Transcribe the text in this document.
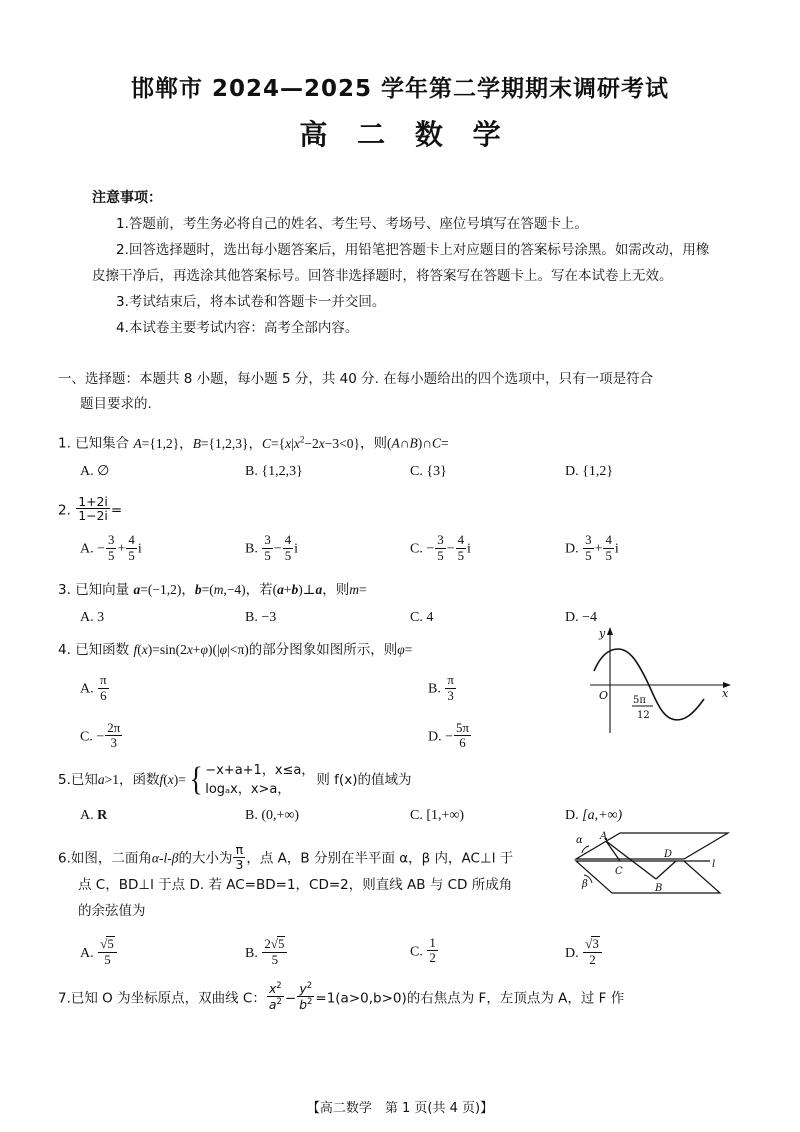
邯郸市 2024—2025 学年第二学期期末调研考试
高 二 数 学
注意事项：
1.答题前，考生务必将自己的姓名、考生号、考场号、座位号填写在答题卡上。
2.回答选择题时，选出每小题答案后，用铅笔把答题卡上对应题目的答案标号涂黑。如需改动，用橡皮擦干净后，再选涂其他答案标号。回答非选择题时，将答案写在答题卡上。写在本试卷上无效。
3.考试结束后，将本试卷和答题卡一并交回。
4.本试卷主要考试内容：高考全部内容。
一、选择题：本题共 8 小题，每小题 5 分，共 40 分. 在每小题给出的四个选项中，只有一项是符合
题目要求的.
1. 已知集合 A={1,2}，B={1,2,3}，$C=\{x|x^2-2x-3<0\}$，则(A∩B)∩C=
A. ∅	B. {1,2,3}	C. {3}	D. {1,2}
2. $\frac{1+2i}{1-2i}$ =
A. − $\frac{3}{5} + \frac{4}{5}$ i	B. $\frac{3}{5} - \frac{4}{5}$ i	C. − $\frac{3}{5} - \frac{4}{5}$ i	D. $\frac{3}{5} + \frac{4}{5}$ i
3. 已知向量 a=(−1,2)，b=(m,−4)，若(a+b)⊥a，则m=
A. 3	B. −3	C. 4	D. −4
4. 已知函数 f(x)=sin(2x+φ)(|φ|<π)的部分图象如图所示，则φ=
A. $\frac{\pi}{6}$	B. $\frac{\pi}{3}$
C. − $\frac{2\pi}{3}$	D. − $\frac{5\pi}{6}$
y
x
O 5π
12
5.已知a>1，函数f(x)= { −x+a+1，x≤a，
logₐx，x>a，
则 f(x)的值域为
A. R	B. (0,+∞)	C. [1,+∞)	D. [a,+∞)
6.如图，二面角α-l-β的大小为 $\frac{\pi}{3}$ ，点 A，B 分别在半平面 α，β 内，AC⊥l 于
点 C，BD⊥l 于点 D. 若 AC=BD=1，CD=2，则直线 AB 与 CD 所成角
的余弦值为
α A
C
D
l
β	B
A. $\frac{√5}{5}$	B. $\frac{2√5}{5}$	C. $\frac{1}{2}$	D. $\frac{√3}{2}$
7.已知 O 为坐标原点，双曲线 C： $\frac{x^2}{a^2} - \frac{y^2}{b^2} =1(a>0,b>0)$的右焦点为 F，左顶点为 A，过 F 作
【高二数学　第 1 页(共 4 页)】
